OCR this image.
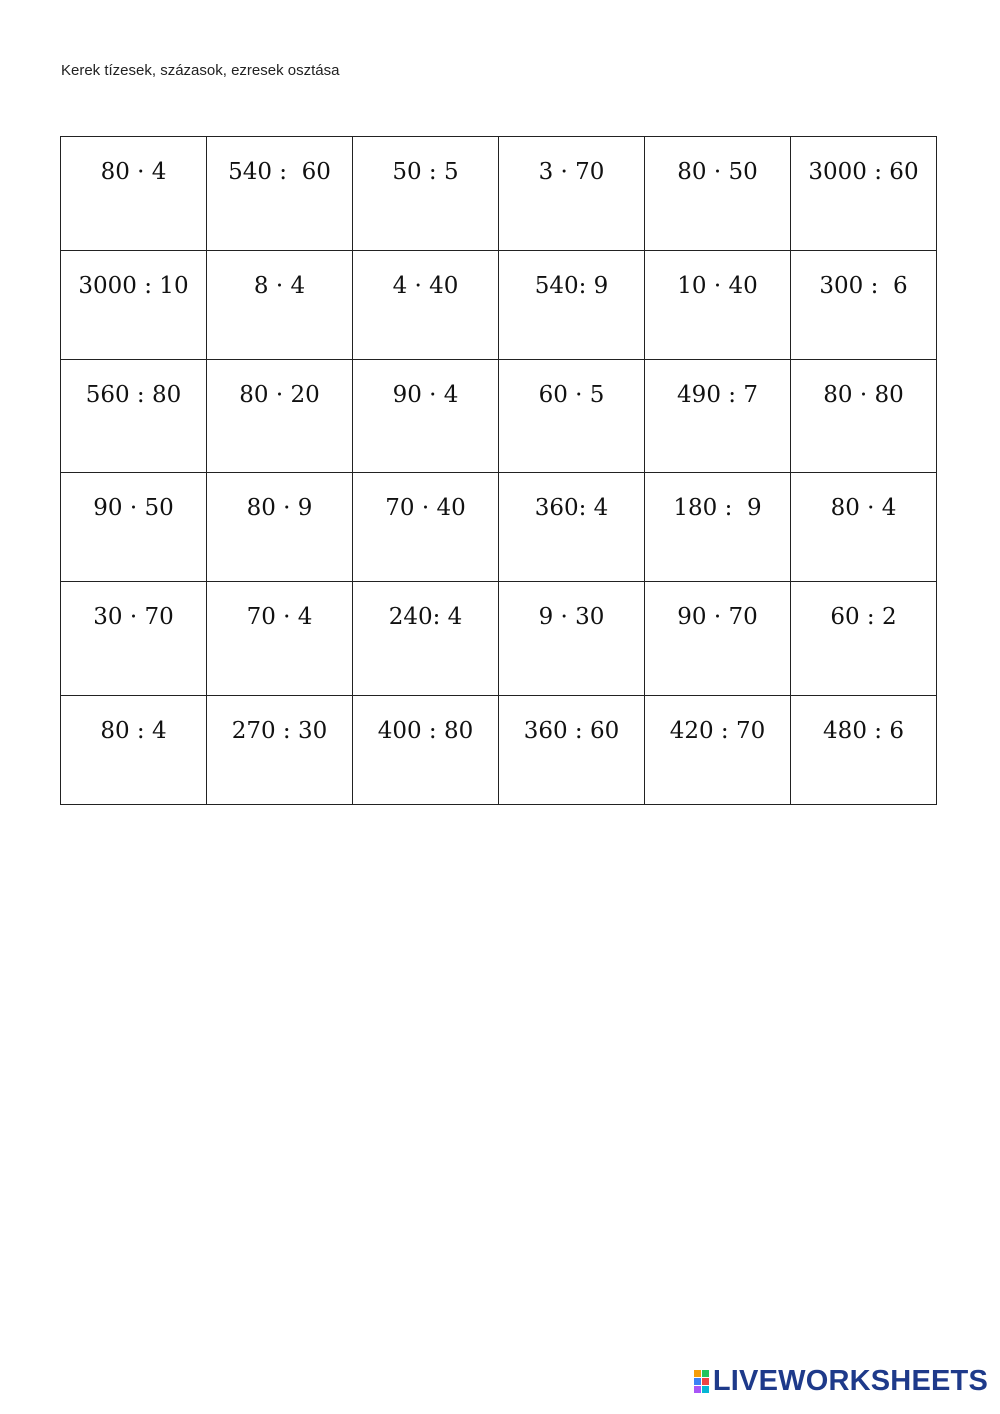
Kerek tízesek, százasok, ezresek osztása
80 · 4	540 :  60	50 : 5	3 · 70	80 · 50	3000 : 60

3000 : 10	8 · 4	4 · 40	540: 9	10 · 40	300 :  6

560 : 80	80 · 20	90 · 4	60 · 5	490 : 7	80 · 80

90 · 50	80 · 9	70 · 40	360: 4	180 :  9	80 · 4

30 · 70	70 · 4	240: 4	9 · 30	90 · 70	60 : 2

80 : 4	270 : 30	400 : 80	360 : 60	420 : 70	480 : 6
LIVEWORKSHEETS
